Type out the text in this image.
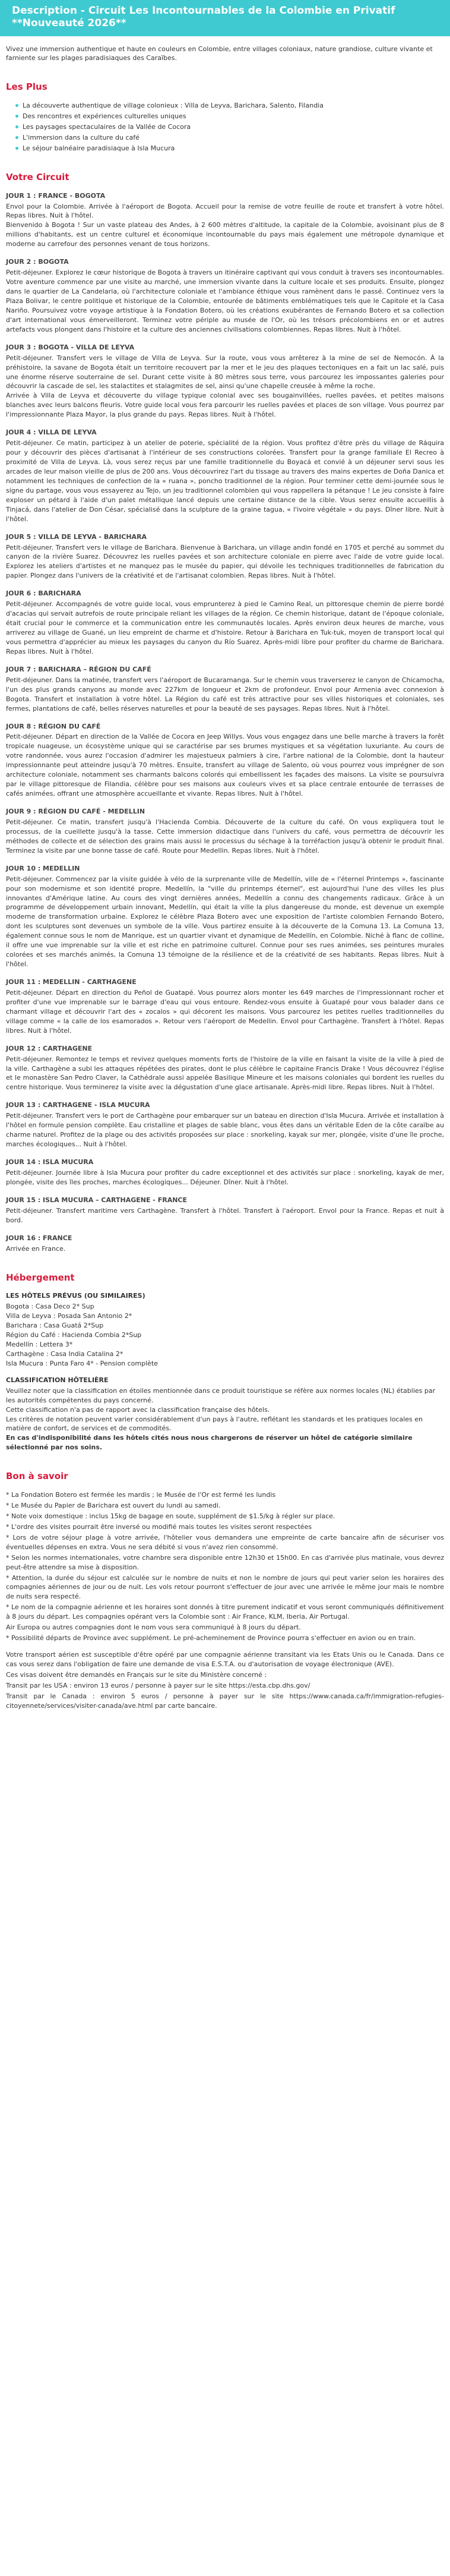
Description - Circuit Les Incontournables de la Colombie en Privatif
**Nouveauté 2026**
Vivez une immersion authentique et haute en couleurs en Colombie, entre villages coloniaux, nature grandiose, culture vivante et farniente sur les plages paradisiaques des Caraïbes.
Les Plus
La découverte authentique de village colonieux : Villa de Leyva, Barichara, Salento, Filandia
Des rencontres et expériences culturelles uniques
Les paysages spectaculaires de la Vallée de Cocora
L'immersion dans la culture du café
Le séjour balnéaire paradisiaque à Isla Mucura
Votre Circuit

JOUR 1 : FRANCE - BOGOTA

Envol pour la Colombie. Arrivée à l'aéroport de Bogota. Accueil pour la remise de votre feuille de route et transfert à votre hôtel. Repas libres. Nuit à l'hôtel.
Bienvenido à Bogota ! Sur un vaste plateau des Andes, à 2 600 mètres d'altitude, la capitale de la Colombie, avoisinant plus de 8 millions d'habitants, est un centre culturel et économique incontournable du pays mais également une métropole dynamique et moderne au carrefour des personnes venant de tous horizons.

JOUR 2 : BOGOTA

Petit-déjeuner. Explorez le cœur historique de Bogota à travers un itinéraire captivant qui vous conduit à travers ses incontournables. Votre aventure commence par une visite au marché, une immersion vivante dans la culture locale et ses produits. Ensuite, plongez dans le quartier de La Candelaria, où l'architecture coloniale et l'ambiance éthique vous ramènent dans le passé. Continuez vers la Plaza Bolivar, le centre politique et historique de la Colombie, entourée de bâtiments emblématiques tels que le Capitole et la Casa Nariño. Poursuivez votre voyage artistique à la Fondation Botero, où les créations exubérantes de Fernando Botero et sa collection d'art international vous émerveilleront. Terminez votre périple au musée de l'Or, où les trésors précolombiens en or et autres artefacts vous plongent dans l'histoire et la culture des anciennes civilisations colombiennes. Repas libres. Nuit à l'hôtel.

JOUR 3 : BOGOTA - VILLA DE LEYVA

Petit-déjeuner. Transfert vers le village de Villa de Leyva. Sur la route, vous vous arrêterez à la mine de sel de Nemocón. À la préhistoire, la savane de Bogota était un territoire recouvert par la mer et le jeu des plaques tectoniques en a fait un lac salé, puis une énorme réserve souterraine de sel. Durant cette visite à 80 mètres sous terre, vous parcourez les impossantes galeries pour découvrir la cascade de sel, les stalactites et stalagmites de sel, ainsi qu'une chapelle creusée à même la roche.
Arrivée à Villa de Leyva et découverte du village typique colonial avec ses bougainvillées, ruelles pavées, et petites maisons blanches avec leurs balcons fleuris. Votre guide local vous fera parcourir les ruelles pavées et places de son village. Vous pourrez par l'impressionnante Plaza Mayor, la plus grande du pays. Repas libres. Nuit à l'hôtel.

JOUR 4 : VILLA DE LEYVA

Petit-déjeuner. Ce matin, participez à un atelier de poterie, spécialité de la région. Vous profitez d'être près du village de Ráquira pour y découvrir des pièces d'artisanat à l'intérieur de ses constructions colorées. Transfert pour la grange familiale El Recreo à proximité de Villa de Leyva. Là, vous serez reçus par une famille traditionnelle du Boyacá et convié à un déjeuner servi sous les arcades de leur maison vieille de plus de 200 ans. Vous découvrirez l'art du tissage au travers des mains expertes de Doña Danica et notamment les techniques de confection de la « ruana », poncho traditionnel de la région. Pour terminer cette demi-journée sous le signe du partage, vous vous essayerez au Tejo, un jeu traditionnel colombien qui vous rappellera la pétanque ! Le jeu consiste à faire exploser un pétard à l'aide d'un palet métallique lancé depuis une certaine distance de la cible. Vous serez ensuite accueillis à Tinjacá, dans l'atelier de Don César, spécialisé dans la sculpture de la graine tagua, « l'ivoire végétale » du pays. Dîner libre. Nuit à l'hôtel.

JOUR 5 : VILLA DE LEYVA - BARICHARA

Petit-déjeuner. Transfert vers le village de Barichara. Bienvenue à Barichara, un village andin fondé en 1705 et perché au sommet du canyon de la rivière Suarez. Découvrez les ruelles pavées et son architecture coloniale en pierre avec l'aide de votre guide local. Explorez les ateliers d'artistes et ne manquez pas le musée du papier, qui dévoile les techniques traditionnelles de fabrication du papier. Plongez dans l'univers de la créativité et de l'artisanat colombien. Repas libres. Nuit à l'hôtel.

JOUR 6 : BARICHARA

Petit-déjeuner. Accompagnés de votre guide local, vous emprunterez à pied le Camino Real, un pittoresque chemin de pierre bordé d'acacias qui servait autrefois de route principale reliant les villages de la région. Ce chemin historique, datant de l'époque coloniale, était crucial pour le commerce et la communication entre les communautés locales. Après environ deux heures de marche, vous arriverez au village de Guané, un lieu empreint de charme et d'histoire. Retour à Barichara en Tuk-tuk, moyen de transport local qui vous permettra d'apprécier au mieux les paysages du canyon du Río Suarez. Après-midi libre pour profiter du charme de Barichara. Repas libres. Nuit à l'hôtel.

JOUR 7 : BARICHARA – RÉGION DU CAFÉ

Petit-déjeuner. Dans la matinée, transfert vers l'aéroport de Bucaramanga. Sur le chemin vous traverserez le canyon de Chicamocha, l'un des plus grands canyons au monde avec 227km de longueur et 2km de profondeur. Envol pour Armenia avec connexion à Bogota. Transfert et installation à votre hôtel. La Région du café est très attractive pour ses villes historiques et coloniales, ses fermes, plantations de café, belles réserves naturelles et pour la beauté de ses paysages. Repas libres. Nuit à l'hôtel.

JOUR 8 : RÉGION DU CAFÉ

Petit-déjeuner. Départ en direction de la Vallée de Cocora en Jeep Willys. Vous vous engagez dans une belle marche à travers la forêt tropicale nuageuse, un écosystème unique qui se caractérise par ses brumes mystiques et sa végétation luxuriante. Au cours de votre randonnée, vous aurez l'occasion d'admirer les majestueux palmiers à cire, l'arbre national de la Colombie, dont la hauteur impressionnante peut atteindre jusqu'à 70 mètres. Ensuite, transfert au village de Salento, où vous pourrez vous imprégner de son architecture coloniale, notamment ses charmants balcons colorés qui embellissent les façades des maisons. La visite se poursuivra par le village pittoresque de Filandia, célèbre pour ses maisons aux couleurs vives et sa place centrale entourée de terrasses de cafés animées, offrant une atmosphère accueillante et vivante. Repas libres. Nuit à l'hôtel.

JOUR 9 : RÉGION DU CAFÉ - MEDELLIN

Petit-déjeuner. Ce matin, transfert jusqu'à l'Hacienda Combia. Découverte de la culture du café. On vous expliquera tout le processus, de la cueillette jusqu'à la tasse. Cette immersion didactique dans l'univers du café, vous permettra de découvrir les méthodes de collecte et de sélection des grains mais aussi le processus du séchage à la torréfaction jusqu'à obtenir le produit final. Terminez la visite par une bonne tasse de café. Route pour Medellin. Repas libres. Nuit à l'hôtel.

JOUR 10 : MEDELLIN

Petit-déjeuner. Commencez par la visite guidée à vélo de la surprenante ville de Medellín, ville de « l'éternel Printemps », fascinante pour son modernisme et son identité propre. Medellín, la "ville du printemps éternel", est aujourd'hui l'une des villes les plus innovantes d'Amérique latine. Au cours des vingt dernières années, Medellín a connu des changements radicaux. Grâce à un programme de développement urbain innovant, Medellín, qui était la ville la plus dangereuse du monde, est devenue un exemple moderne de transformation urbaine. Explorez le célèbre Plaza Botero avec une exposition de l'artiste colombien Fernando Botero, dont les sculptures sont devenues un symbole de la ville. Vous partirez ensuite à la découverte de la Comuna 13. La Comuna 13, également connue sous le nom de Manrique, est un quartier vivant et dynamique de Medellín, en Colombie. Niché à flanc de colline, il offre une vue imprenable sur la ville et est riche en patrimoine culturel. Connue pour ses rues animées, ses peintures murales colorées et ses marchés animés, la Comuna 13 témoigne de la résilience et de la créativité de ses habitants. Repas libres. Nuit à l'hôtel.

JOUR 11 : MEDELLIN - CARTHAGENE

Petit-déjeuner. Départ en direction du Peñol de Guatapé. Vous pourrez alors monter les 649 marches de l'impressionnant rocher et profiter d'une vue imprenable sur le barrage d'eau qui vous entoure. Rendez-vous ensuite à Guatapé pour vous balader dans ce charmant village et découvrir l'art des « zocalos » qui décorent les maisons. Vous parcourez les petites ruelles traditionnelles du village comme « la calle de los esamorados ». Retour vers l'aéroport de Medellin. Envol pour Carthagène. Transfert à l'hôtel. Repas libres. Nuit à l'hôtel.

JOUR 12 : CARTHAGENE

Petit-déjeuner. Remontez le temps et revivez quelques moments forts de l'histoire de la ville en faisant la visite de la ville à pied de la ville. Carthagène a subi les attaques répétées des pirates, dont le plus célèbre le capitaine Francis Drake ! Vous découvrez l'église et le monastère San Pedro Claver, la Cathédrale aussi appelée Basilique Mineure et les maisons coloniales qui bordent les ruelles du centre historique. Vous terminerez la visite avec la dégustation d'une glace artisanale. Après-midi libre. Repas libres. Nuit à l'hôtel.

JOUR 13 : CARTHAGENE - ISLA MUCURA

Petit-déjeuner. Transfert vers le port de Carthagène pour embarquer sur un bateau en direction d'Isla Mucura. Arrivée et installation à l'hôtel en formule pension complète. Eau cristalline et plages de sable blanc, vous êtes dans un véritable Eden de la côte caraïbe au charme naturel. Profitez de la plage ou des activités proposées sur place : snorkeling, kayak sur mer, plongée, visite d'une île proche, marches écologiques... Nuit à l'hôtel.

JOUR 14 : ISLA MUCURA

Petit-déjeuner. Journée libre à Isla Mucura pour profiter du cadre exceptionnel et des activités sur place : snorkeling, kayak de mer, plongée, visite des îles proches, marches écologiques... Déjeuner. Dîner. Nuit à l'hôtel.

JOUR 15 : ISLA MUCURA – CARTHAGENE - FRANCE

Petit-déjeuner. Transfert maritime vers Carthagène. Transfert à l'hôtel. Transfert à l'aéroport. Envol pour la France. Repas et nuit à bord.

JOUR 16 : FRANCE

Arrivée en France.

Hébergement

LES HÔTELS PRÉVUS (OU SIMILAIRES)

Bogota : Casa Deco 2* Sup

Villa de Leyva : Posada San Antonio 2*

Barichara : Casa Guatá 2*Sup

Région du Café : Hacienda Combia 2*Sup

Medellín : Lettera 3*

Carthagène : Casa India Catalina 2*

Isla Mucura : Punta Faro 4* - Pension complète

CLASSIFICATION HÔTELIÈRE

Veuillez noter que la classification en étoiles mentionnée dans ce produit touristique se réfère aux normes locales (NL) établies par les autorités compétentes du pays concerné.

Cette classification n'a pas de rapport avec la classification française des hôtels.

Les critères de notation peuvent varier considérablement d'un pays à l'autre, reflétant les standards et les pratiques locales en matière de confort, de services et de commodités.

En cas d'indisponibilité dans les hôtels cités nous nous chargerons de réserver un hôtel de catégorie similaire sélectionné par nos soins.

Bon à savoir

* La Fondation Botero est fermée les mardis ; le Musée de l'Or est fermé les lundis

* Le Musée du Papier de Barichara est ouvert du lundi au samedi.

* Note voix domestique : inclus 15kg de bagage en soute, supplément de $1.5/kg à régler sur place.

* L'ordre des visites pourrait être inversé ou modifié mais toutes les visites seront respectées

* Lors de votre séjour plage à votre arrivée, l'hôtelier vous demandera une empreinte de carte bancaire afin de sécuriser vos éventuelles dépenses en extra. Vous ne sera débité si vous n'avez rien consommé.

* Selon les normes internationales, votre chambre sera disponible entre 12h30 et 15h00. En cas d'arrivée plus matinale, vous devrez peut-être attendre sa mise à disposition.

* Attention, la durée du séjour est calculée sur le nombre de nuits et non le nombre de jours qui peut varier selon les horaires des compagnies aériennes de jour ou de nuit. Les vols retour pourront s'effectuer de jour avec une arrivée le même jour mais le nombre de nuits sera respecté.

* Le nom de la compagnie aérienne et les horaires sont donnés à titre purement indicatif et vous seront communiqués définitivement à 8 jours du départ. Les compagnies opérant vers la Colombie sont : Air France, KLM, Iberia, Air Portugal.

Air Europa ou autres compagnies dont le nom vous sera communiqué à 8 jours du départ.

* Possibilité départs de Province avec supplément. Le pré-acheminement de Province pourra s'effectuer en avion ou en train.

Votre transport aérien est susceptible d'être opéré par une compagnie aérienne transitant via les Etats Unis ou le Canada. Dans ce cas vous serez dans l'obligation de faire une demande de visa E.S.T.A. ou d'autorisation de voyage électronique (AVE).

Ces visas doivent être demandés en Français sur le site du Ministère concerné :

Transit par les USA : environ 13 euros / personne à payer sur le site https://esta.cbp.dhs.gov/

Transit par le Canada : environ 5 euros / personne à payer sur le site https://www.canada.ca/fr/immigration-refugies-citoyennete/services/visiter-canada/ave.html par carte bancaire.
